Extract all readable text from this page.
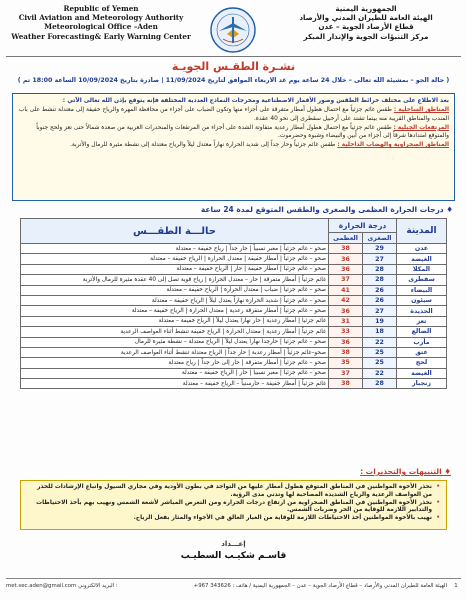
Republic of Yemen
Civil Aviation and Meteorology Authority
Meteorological Office –Aden
Weather Forecasting& Early Warning Center
الجمهورية اليمنية
الهيئة العامة للطيران المدني والأرصاد
قطاع الأرصاد الجوية – عدن
مركز التنبؤات الجوية والإنذار المبكر
نشـرة الطقـس الجويـة
( حالة الجو – بمشيئة الله تعالى – خلال 24 ساعة يوم غد الأربعاء الموافق لتاريخ 11/09/2024 | صادرة بتاريخ 10/09/2024 الساعة 18:00 تم )
بعد الاطلاع على مختلف خرائط الطقس وصور الأقمار الاصطناعية ومخرجات النماذج العددية المختلفة فإنه يتوقع بإذن الله تعالى الآتي :
المناطق الساحلية : طقس غائم جزئياً مع احتمال هطول أمطار متفرقة على أجزاء منها وتكون الضباب على أجزاء من محافظة المهرة والرياح خفيفة إلى معتدلة تنشط على باب المندب والمناطق القريبة منه بينما تشتد على أرخبيل سقطرى إلى نحو 40 عقدة.
المرتفعات الجبلية : طقس غائم جزئياً مع احتمال هطول أمطار رعدية متفاوتة الشدة على أجزاء من المرتفعات والمنحدرات الغربية من صعدة شمالاً حتى تعز ولحج جنوباً والمتوقع امتدادها شرقاً إلى أجزاء من أبين والبيضاء وشبوة وحضرموت.
المناطق الصحراوية والهضاب الداخلية : طقس غائم جزئياً وحار جداً إلى شديد الحرارة نهاراً معتدل ليلاً والرياح معتدلة إلى نشطة مثيرة للرمال والأتربة.
♦ درجات الحرارة العظمى والصغرى والطقس المتوقع لمدة 24 ساعة
المدينة	درجة الحرارة		حالـــة الطقـــس
	الصغرى	العظمى	
عدن	29	38	صحو – غائم جزئياً | مغبر نسبياً | حار جداً | رياح خفيفة – معتدلة
الغيضة	27	36	صحو – غائم جزئياً | أمطار خفيفة | معتدل الحرارة | الرياح خفيفة – معتدلة
المكلا	28	36	صحو – غائم جزئياً | أمطار خفيفة | حار | الرياح خفيفة – معتدلة
سقطرى	28	37	غائم جزئياً | أمطار متفرقة | حار – معتدل الحرارة | رياح قوية تصل إلى 40 عقدة مثيرة للرمال والأتربة
البيضاء	26	41	صحو – غائم جزئياً | ضباب | معتدل الحرارة | الرياح خفيفة – معتدلة
سيئون	26	42	صحو – غائم جزئياً | شديد الحرارة نهاراً يعتدل ليلاً | الرياح خفيفة – معتدلة
الحديدة	27	36	صحو – غائم جزئياً | أمطار متفرقة رعدية | معتدل الحرارة | الرياح خفيفة – معتدلة
تعز	19	31	غائم جزئياً | أمطار رعدية | حار نهاراً يعتدل ليلاً | الرياح خفيفة – معتدلة
الضالع	18	33	غائم جزئياً | أمطار رعدية | معتدل الحرارة | الرياح خفيفة تنشط أثناء العواصف الرعدية
مأرب	22	36	صحو – غائم جزئياً | حارجداً نهاراً يعتدل ليلاً | الرياح معتدلة – نشطة مثيرة للرمال
عتق	25	38	صحو–غائم جزئياً | أمطار رعدية | حار جداً | الرياح معتدلة تنشط أثناء العواصف الرعدية
لحج	25	35	صحو – غائم جزئياً | أمطار متفرقة | حار إلى حار جداً | رياح معتدلة
الغيضة	22	37	صحو – غائم جزئياً | مغبر نسبياً | حار | الرياح خفيفة – معتدلة
زنجبار	28	38	غائم جزئياً | أمطار خفيفة – حارسنياً – الرياح خفيفة – معتدلة
♦ التنبيهات والتحذيرات :
• نحذر الأخوة المواطنين في المناطق المتوقع هطول أمطار عليها من التواجد في بطون الأودية وفي مجاري السيول واتباع الإرشادات للحذر من العواصف الرعدية والرياح الشديدة المصاحبة لها وتدني مدى الرؤية.
• نحذر الأخوة المواطنين في المناطق الصحراوية من ارتفاع درجات الحرارة ومن التعرض المباشر لأشعة الشمس ونهيب بهم بأخذ الاحتياطات والتدابير اللازمة للوقاية من الحر وضربات الشمس.
• نهيب بالأخوة المواطنين أخذ الاحتياطات اللازمة للوقاية من الغبار العالق في الأجواء والمثار بفعل الرياح.
إعـــداد
قاسـم شكيـب السطيـب
1
الهيئة العامة للطيران المدني والأرصاد – قطاع الأرصاد الجوية – عدن – الجمهورية اليمنية / هاتف : 343626 967+
met.sec.aden@gmail.com البريد الالكتروني :
